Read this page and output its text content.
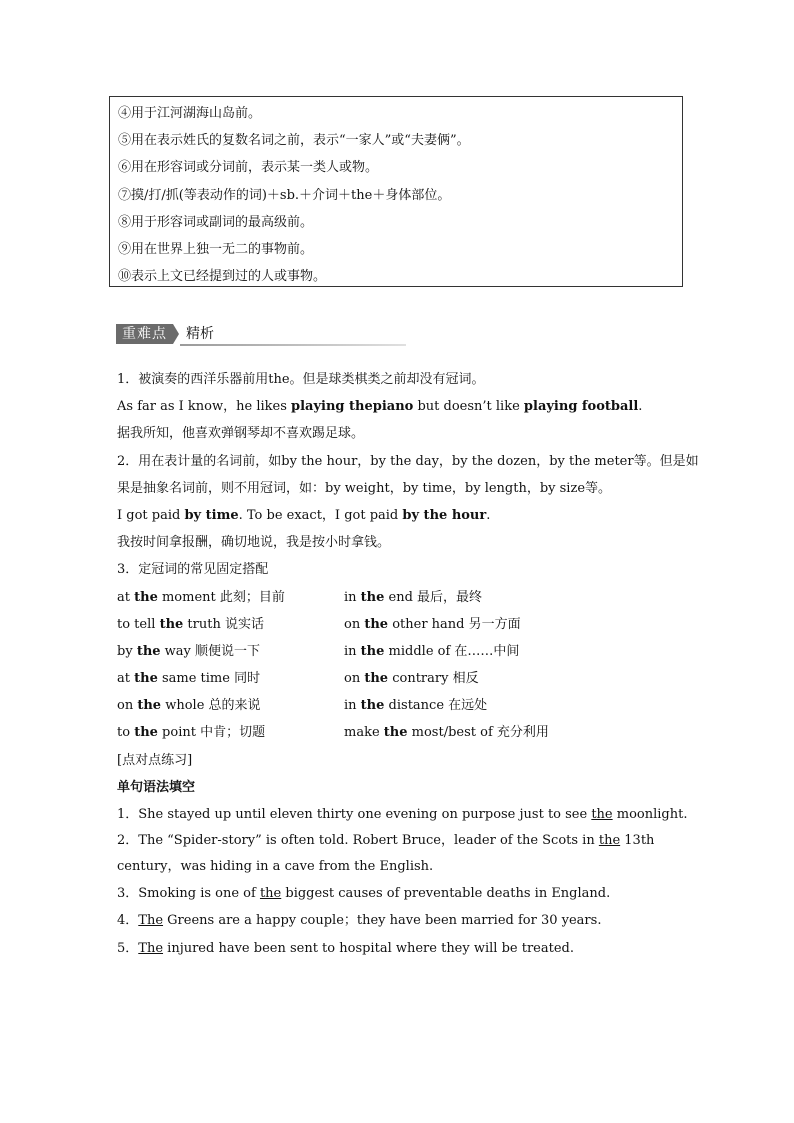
④用于江河湖海山岛前。
⑤用在表示姓氏的复数名词之前，表示“一家人”或“夫妻俩”。
⑥用在形容词或分词前，表示某一类人或物。
⑦摸/打/抓(等表动作的词)＋sb.＋介词＋the＋身体部位。
⑧用于形容词或副词的最高级前。
⑨用在世界上独一无二的事物前。
⑩表示上文已经提到过的人或事物。
重难点	精析
1．被演奏的西洋乐器前用the。但是球类棋类之前却没有冠词。
As far as I know，he likes playing thepiano but doesn’t like playing football.
据我所知，他喜欢弹钢琴却不喜欢踢足球。
2．用在表计量的名词前，如by the hour，by the day，by the dozen，by the meter等。但是如
果是抽象名词前，则不用冠词，如：by weight，by time，by length，by size等。
I got paid by time. To be exact，I got paid by the hour.
我按时间拿报酬，确切地说，我是按小时拿钱。
3．定冠词的常见固定搭配
at the moment 此刻；目前	in the end 最后，最终
to tell the truth 说实话	on the other hand 另一方面
by the way 顺便说一下	in the middle of 在……中间
at the same time 同时	on the contrary 相反
on the whole 总的来说	in the distance 在远处
to the point 中肯；切题	make the most/best of 充分利用
[点对点练习]
单句语法填空
1．She stayed up until eleven thirty one evening on purpose just to see the moonlight.
2．The “Spider-story” is often told. Robert Bruce，leader of the Scots in the 13th century，was hiding in a cave from the English.
3．Smoking is one of the biggest causes of preventable deaths in England.
4．The Greens are a happy couple；they have been married for 30 years.
5．The injured have been sent to hospital where they will be treated.
